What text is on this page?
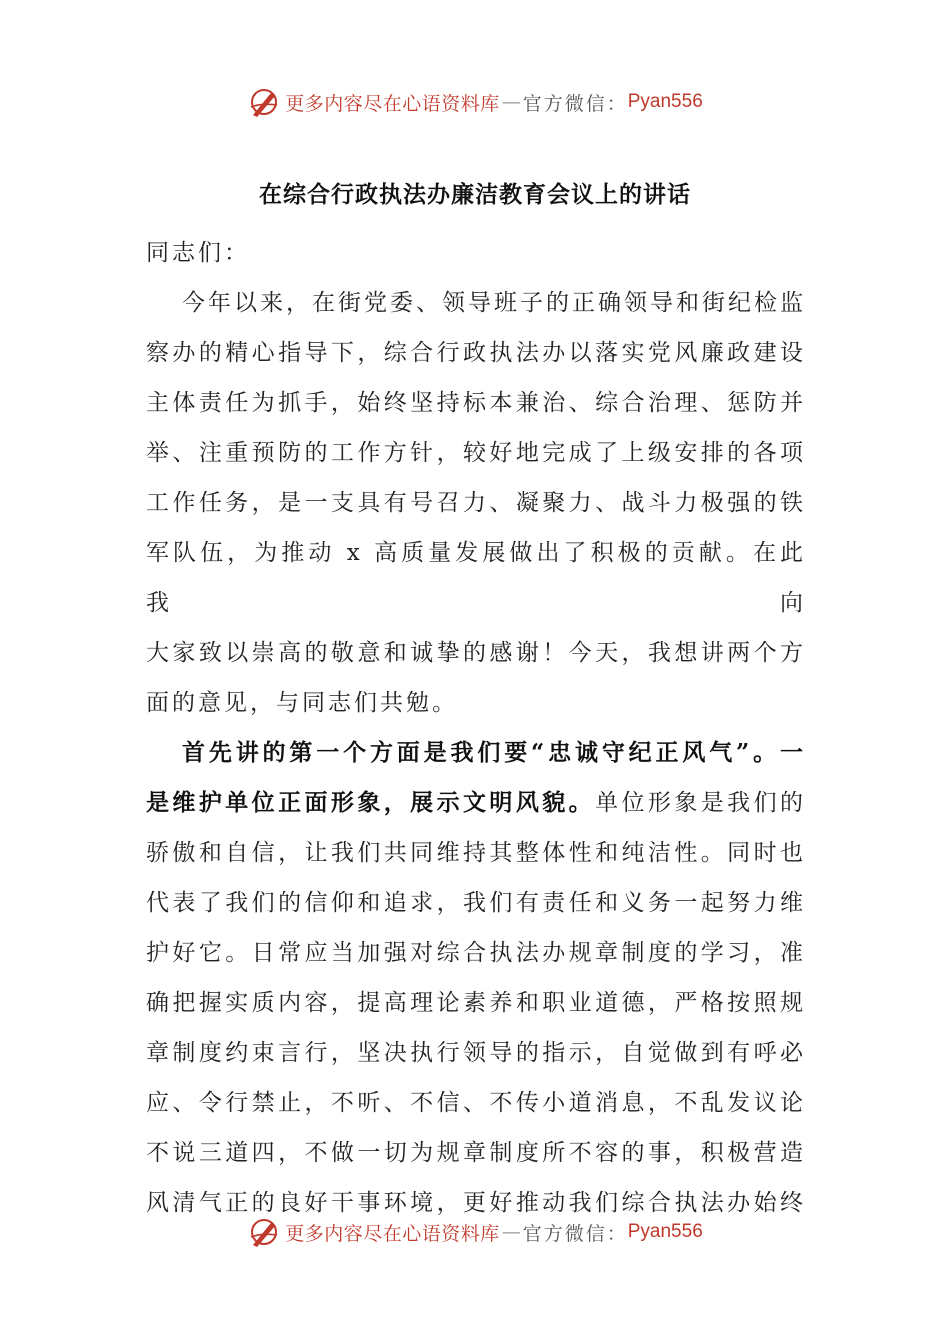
更多内容尽在心语资料库 — 官方微信： Pyan556
在综合行政执法办廉洁教育会议上的讲话

同志们：

今年以来，在街党委、领导班子的正确领导和街纪检监

察办的精心指导下，综合行政执法办以落实党风廉政建设

主体责任为抓手，始终坚持标本兼治、综合治理、惩防并

举、注重预防的工作方针，较好地完成了上级安排的各项

工作任务，是一支具有号召力、凝聚力、战斗力极强的铁

军队伍，为推动 x 高质量发展做出了积极的贡献。在此我向

大家致以崇高的敬意和诚挚的感谢！今天，我想讲两个方

面的意见，与同志们共勉。

首先讲的第一个方面是我们要“忠诚守纪正风气”。一

是维护单位正面形象，展示文明风貌。单位形象是我们的

骄傲和自信，让我们共同维持其整体性和纯洁性。同时也

代表了我们的信仰和追求，我们有责任和义务一起努力维

护好它。日常应当加强对综合执法办规章制度的学习，准

确把握实质内容，提高理论素养和职业道德，严格按照规

章制度约束言行，坚决执行领导的指示，自觉做到有呼必

应、令行禁止，不听、不信、不传小道消息，不乱发议论

不说三道四，不做一切为规章制度所不容的事，积极营造

风清气正的良好干事环境，更好推动我们综合执法办始终

更多内容尽在心语资料库 — 官方微信： Pyan556
